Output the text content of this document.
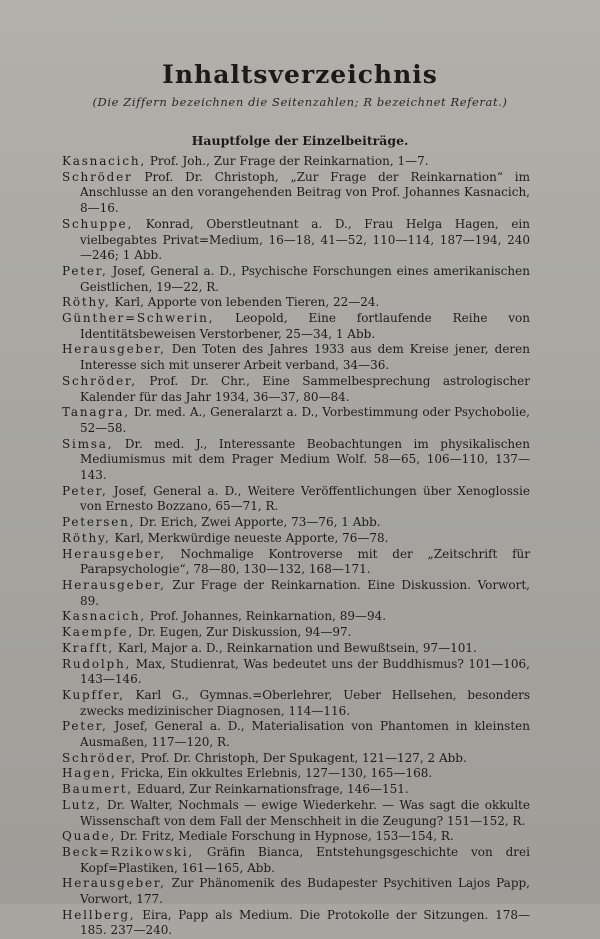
Inhaltsverzeichnis
(Die Ziffern bezeichnen die Seitenzahlen; R bezeichnet Referat.)
Hauptfolge der Einzelbeiträge.
Kasnacich, Prof. Joh., Zur Frage der Reinkarnation, 1—7.
Schröder Prof. Dr. Christoph, „Zur Frage der Reinkarnation“ im Anschlusse an den vorangehenden Beitrag von Prof. Johannes Kasnacich, 8—16.
Schuppe, Konrad, Oberstleutnant a. D., Frau Helga Hagen, ein vielbegabtes Privat=Medium, 16—18, 41—52, 110—114, 187—194, 240—246; 1 Abb.
Peter, Josef, General a. D., Psychische Forschungen eines amerikanischen Geistlichen, 19—22, R.
Röthy, Karl, Apporte von lebenden Tieren, 22—24.
Günther=Schwerin, Leopold, Eine fortlaufende Reihe von Identitätsbeweisen Verstorbener, 25—34, 1 Abb.
Herausgeber, Den Toten des Jahres 1933 aus dem Kreise jener, deren Interesse sich mit unserer Arbeit verband, 34—36.
Schröder, Prof. Dr. Chr., Eine Sammelbesprechung astrologischer Kalender für das Jahr 1934, 36—37, 80—84.
Tanagra, Dr. med. A., Generalarzt a. D., Vorbestimmung oder Psychobolie, 52—58.
Simsa, Dr. med. J., Interessante Beobachtungen im physikalischen Mediumismus mit dem Prager Medium Wolf. 58—65, 106—110, 137—143.
Peter, Josef, General a. D., Weitere Veröffentlichungen über Xenoglossie von Ernesto Bozzano, 65—71, R.
Petersen, Dr. Erich, Zwei Apporte, 73—76, 1 Abb.
Röthy, Karl, Merkwürdige neueste Apporte, 76—78.
Herausgeber, Nochmalige Kontroverse mit der „Zeitschrift für Parapsychologie“, 78—80, 130—132, 168—171.
Herausgeber, Zur Frage der Reinkarnation. Eine Diskussion. Vorwort, 89.
Kasnacich, Prof. Johannes, Reinkarnation, 89—94.
Kaempfe, Dr. Eugen, Zur Diskussion, 94—97.
Krafft, Karl, Major a. D., Reinkarnation und Bewußtsein, 97—101.
Rudolph, Max, Studienrat, Was bedeutet uns der Buddhismus? 101—106, 143—146.
Kupffer, Karl G., Gymnas.=Oberlehrer, Ueber Hellsehen, besonders zwecks medizinischer Diagnosen, 114—116.
Peter, Josef, General a. D., Materialisation von Phantomen in kleinsten Ausmaßen, 117—120, R.
Schröder, Prof. Dr. Christoph, Der Spukagent, 121—127, 2 Abb.
Hagen, Fricka, Ein okkultes Erlebnis, 127—130, 165—168.
Baumert, Eduard, Zur Reinkarnationsfrage, 146—151.
Lutz, Dr. Walter, Nochmals — ewige Wiederkehr. — Was sagt die okkulte Wissenschaft von dem Fall der Menschheit in die Zeugung? 151—152, R.
Quade, Dr. Fritz, Mediale Forschung in Hypnose, 153—154, R.
Beck=Rzikowski, Gräfin Bianca, Entstehungsgeschichte von drei Kopf=Plastiken, 161—165, Abb.
Herausgeber, Zur Phänomenik des Budapester Psychitiven Lajos Papp, Vorwort, 177.
Hellberg, Eira, Papp als Medium. Die Protokolle der Sitzungen. 178—185. 237—240.
